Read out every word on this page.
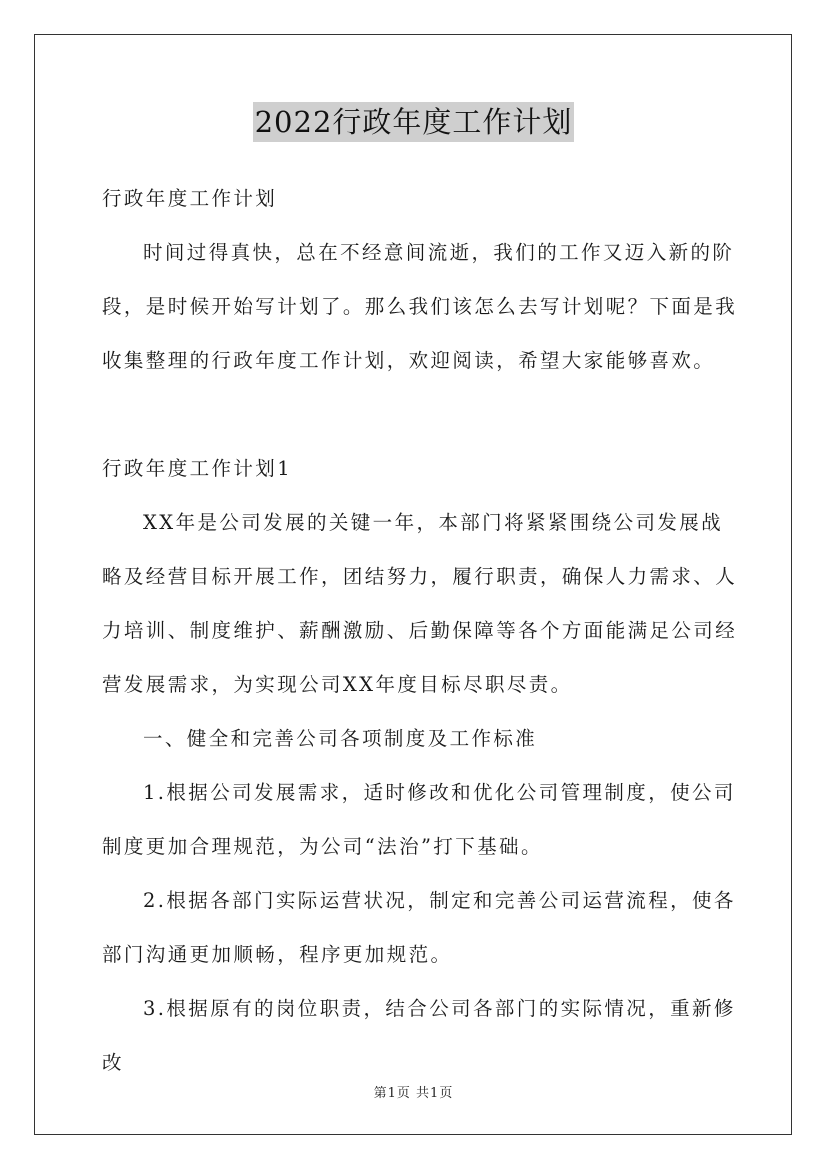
2022行政年度工作计划

行政年度工作计划

时间过得真快，总在不经意间流逝，我们的工作又迈入新的阶段，是时候开始写计划了。那么我们该怎么去写计划呢？下面是我收集整理的行政年度工作计划，欢迎阅读，希望大家能够喜欢。

行政年度工作计划1

XX年是公司发展的关键一年，本部门将紧紧围绕公司发展战略及经营目标开展工作，团结努力，履行职责，确保人力需求、人力培训、制度维护、薪酬激励、后勤保障等各个方面能满足公司经营发展需求，为实现公司XX年度目标尽职尽责。

一、健全和完善公司各项制度及工作标准

1.根据公司发展需求，适时修改和优化公司管理制度，使公司制度更加合理规范，为公司“法治”打下基础。

2.根据各部门实际运营状况，制定和完善公司运营流程，使各部门沟通更加顺畅，程序更加规范。

3.根据原有的岗位职责，结合公司各部门的实际情况，重新修改

第1页 共1页
